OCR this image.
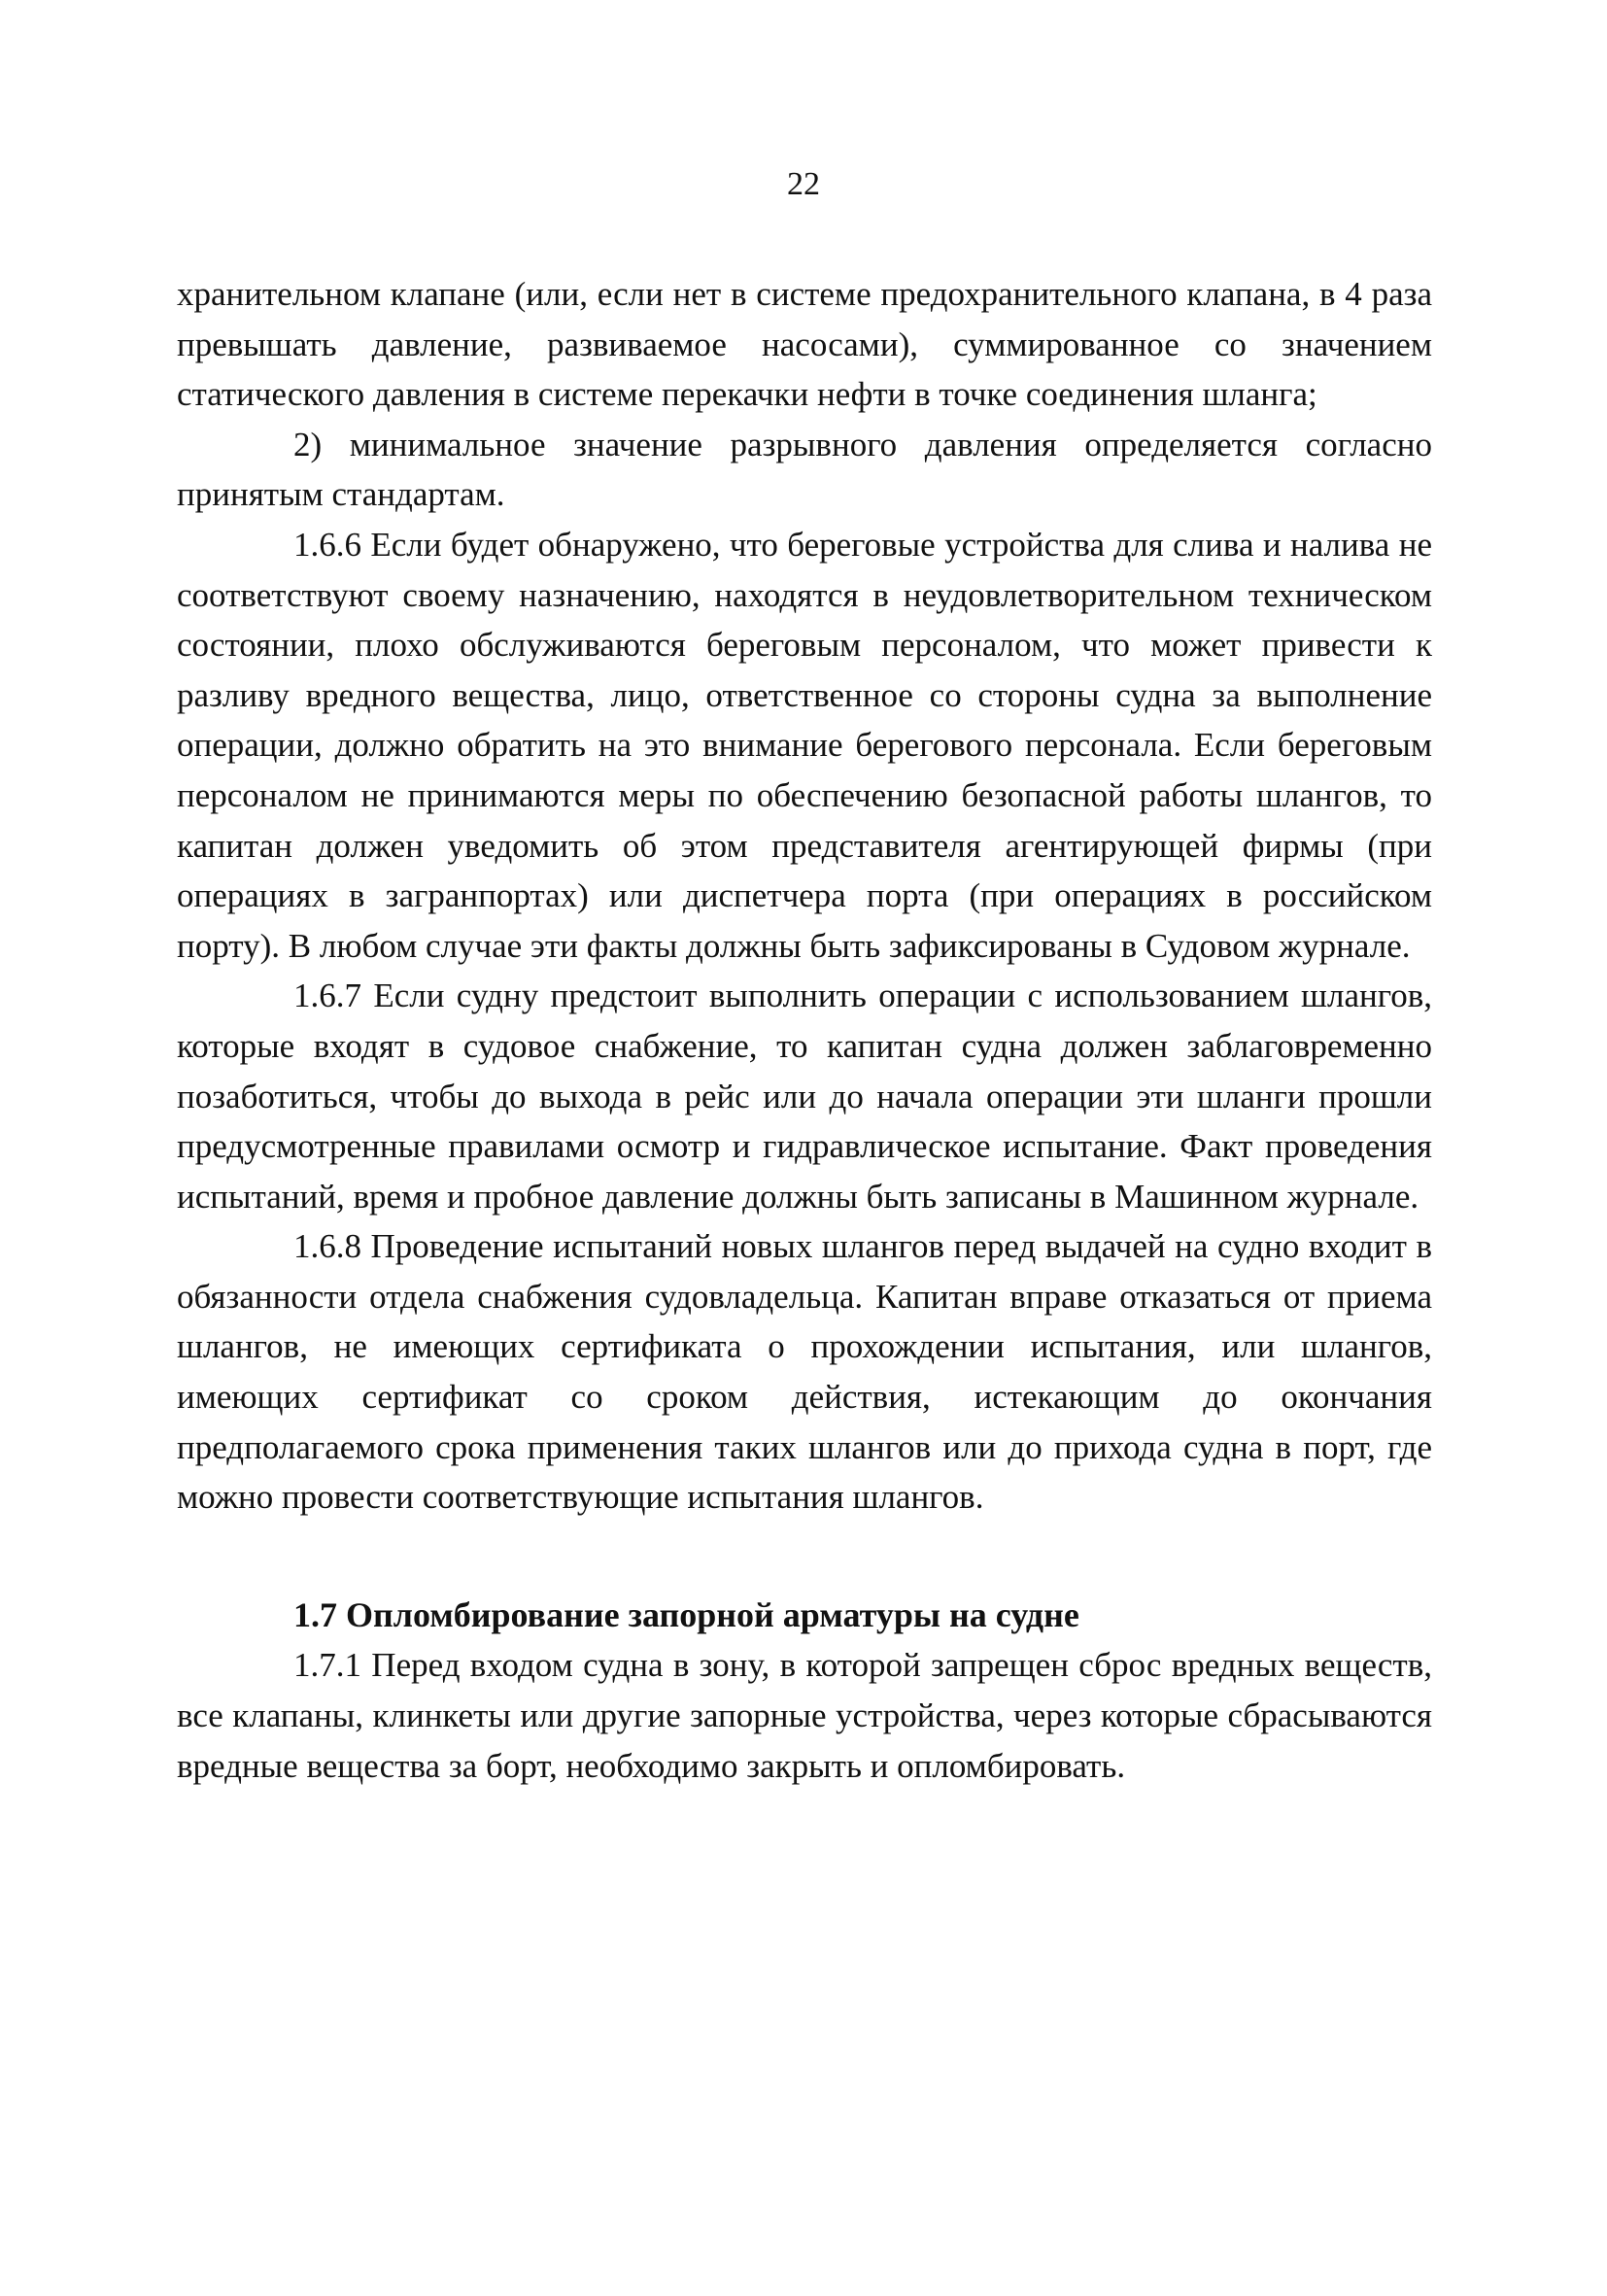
22

хранительном клапане (или, если нет в системе предохранительного клапана, в 4 раза превышать давление, развиваемое насосами), суммированное со значением статического давления в системе перекачки нефти в точке соединения шланга;

2) минимальное значение разрывного давления определяется согласно принятым стандартам.

1.6.6 Если будет обнаружено, что береговые устройства для слива и налива не соответствуют своему назначению, находятся в неудовлетворительном техническом состоянии, плохо обслуживаются береговым персоналом, что может привести к разливу вредного вещества, лицо, ответственное со стороны судна за выполнение операции, должно обратить на это внимание берегового персонала. Если береговым персоналом не принимаются меры по обеспечению безопасной работы шлангов, то капитан должен уведомить об этом представителя агентирующей фирмы (при операциях в загранпортах) или диспетчера порта (при операциях в российском порту). В любом случае эти факты должны быть зафиксированы в Судовом журнале.

1.6.7 Если судну предстоит выполнить операции с использованием шлангов, которые входят в судовое снабжение, то капитан судна должен заблаговременно позаботиться, чтобы до выхода в рейс или до начала операции эти шланги прошли предусмотренные правилами осмотр и гидравлическое испытание. Факт проведения испытаний, время и пробное давление должны быть записаны в Машинном журнале.

1.6.8 Проведение испытаний новых шлангов перед выдачей на судно входит в обязанности отдела снабжения судовладельца. Капитан вправе отказаться от приема шлангов, не имеющих сертификата о прохождении испытания, или шлангов, имеющих сертификат со сроком действия, истекающим до окончания предполагаемого срока применения таких шлангов или до прихода судна в порт, где можно провести соответствующие испытания шлангов.

1.7 Опломбирование запорной арматуры на судне

1.7.1 Перед входом судна в зону, в которой запрещен сброс вредных веществ, все клапаны, клинкеты или другие запорные устройства, через которые сбрасываются вредные вещества за борт, необходимо закрыть и опломбировать.
